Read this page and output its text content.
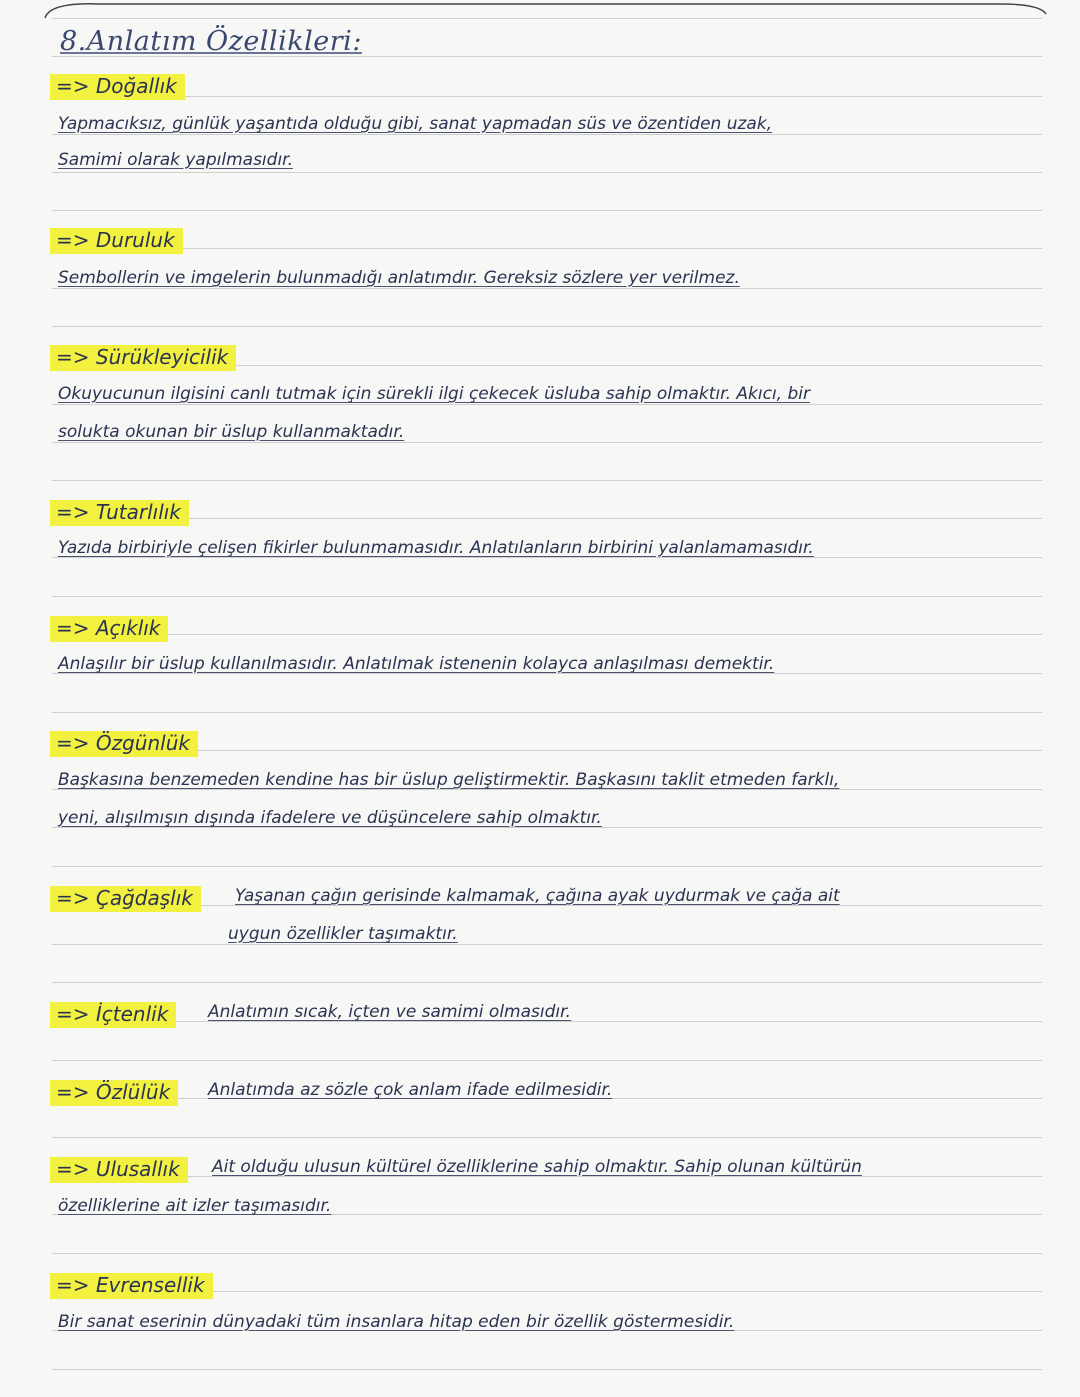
8.Anlatım Özellikleri:
=> Doğallık
Yapmacıksız, günlük yaşantıda olduğu gibi, sanat yapmadan süs ve özentiden uzak,
Samimi olarak yapılmasıdır.
=> Duruluk
Sembollerin ve imgelerin bulunmadığı anlatımdır. Gereksiz sözlere yer verilmez.
=> Sürükleyicilik
Okuyucunun ilgisini canlı tutmak için sürekli ilgi çekecek üsluba sahip olmaktır. Akıcı, bir
solukta okunan bir üslup kullanmaktadır.
=> Tutarlılık
Yazıda birbiriyle çelişen fikirler bulunmamasıdır. Anlatılanların birbirini yalanlamamasıdır.
=> Açıklık
Anlaşılır bir üslup kullanılmasıdır. Anlatılmak istenenin kolayca anlaşılması demektir.
=> Özgünlük
Başkasına benzemeden kendine has bir üslup geliştirmektir. Başkasını taklit etmeden farklı,
yeni, alışılmışın dışında ifadelere ve düşüncelere sahip olmaktır.
=> Çağdaşlık	Yaşanan çağın gerisinde kalmamak, çağına ayak uydurmak ve çağa ait
uygun özellikler taşımaktır.
=> İçtenlik	Anlatımın sıcak, içten ve samimi olmasıdır.
=> Özlülük	Anlatımda az sözle çok anlam ifade edilmesidir.
=> Ulusallık	Ait olduğu ulusun kültürel özelliklerine sahip olmaktır. Sahip olunan kültürün
özelliklerine ait izler taşımasıdır.
=> Evrensellik
Bir sanat eserinin dünyadaki tüm insanlara hitap eden bir özellik göstermesidir.
